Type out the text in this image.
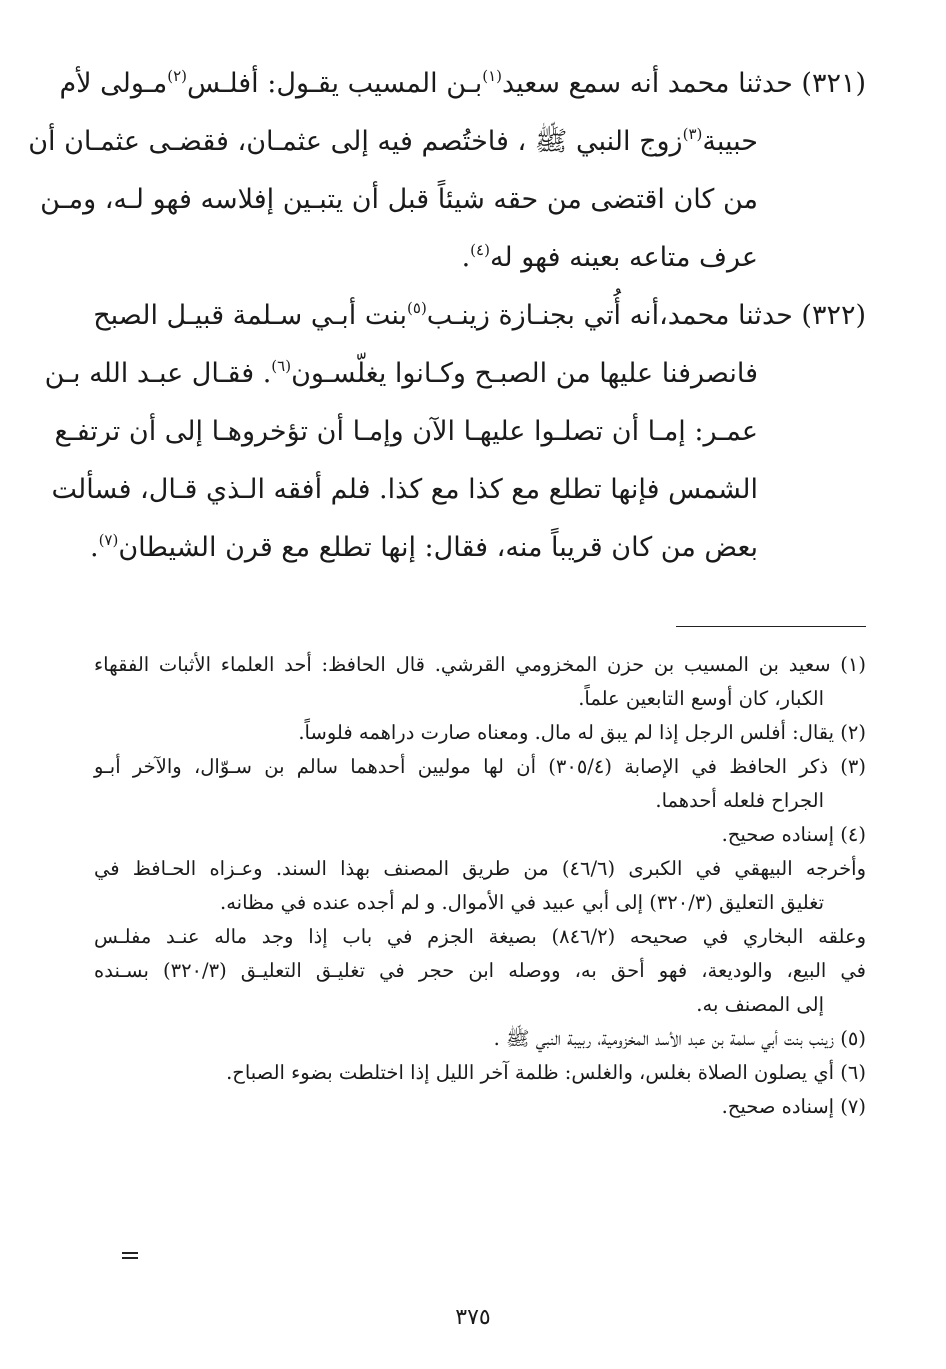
(٣٢١) حدثنا محمد أنه سمع سعيد$^{(١)}$بـن المسيب يقـول: أفلـس$^{(٢)}$مـولى لأم
حبيبة$^{(٣)}$زوج النبي ﷺ ، فاختُصم فيه إلى عثمـان، فقضـى عثمـان أن
من كان اقتضى من حقه شيئاً قبل أن يتبـين إفلاسه فهو لـه، ومـن
عرف متاعه بعينه فهو له$^{(٤)}$.
(٣٢٢) حدثنا محمد،أنه أُتي بجنـازة زينـب$^{(٥)}$بنت أبـي سـلمة قبيـل الصبح
فانصرفنا عليها من الصبـح وكـانوا يغلّسـون$^{(٦)}$. فقـال عبـد الله بـن
عمـر: إمـا أن تصلـوا عليهـا الآن وإمـا أن تؤخروهـا إلى أن ترتفـع
الشمس فإنها تطلع مع كذا مع كذا. فلم أفقه الـذي قـال، فسألت
بعض من كان قريباً منه، فقال: إنها تطلع مع قرن الشيطان$^{(٧)}$.
(١) سعيد بن المسيب بن حزن المخزومي القرشي. قال الحافظ: أحد العلماء الأثبات الفقهاء
الكبار، كان أوسع التابعين علماً.
(٢) يقال: أفلس الرجل إذا لم يبق له مال. ومعناه صارت دراهمه فلوساً.
(٣) ذكر الحافظ في الإصابة (٣٠٥/٤) أن لها موليين أحدهما سالم بن سـوّال، والآخر أبـو
الجراح فلعله أحدهما.
(٤) إسناده صحيح.
وأخرجه البيهقي في الكبرى (٤٦/٦) من طريق المصنف بهذا السند. وعـزاه الحـافظ في
تغليق التعليق (٣٢٠/٣) إلى أبي عبيد في الأموال. و لم أجده عنده في مظانه.
وعلقه البخاري في صحيحه (٨٤٦/٢) بصيغة الجزم في باب إذا وجد ماله عنـد مفلـس
في البيع، والوديعة، فهو أحق به، ووصله ابن حجر في تغليـق التعليـق (٣٢٠/٣) بسـنده
إلى المصنف به.
(٥) زينب بنت أبي سلمة بن عبد الأسد المخزومية، ربيبة النبي ﷺ .
(٦) أي يصلون الصلاة بغلس، والغلس: ظلمة آخر الليل إذا اختلطت بضوء الصباح.
(٧) إسناده صحيح.
٣٧٥
